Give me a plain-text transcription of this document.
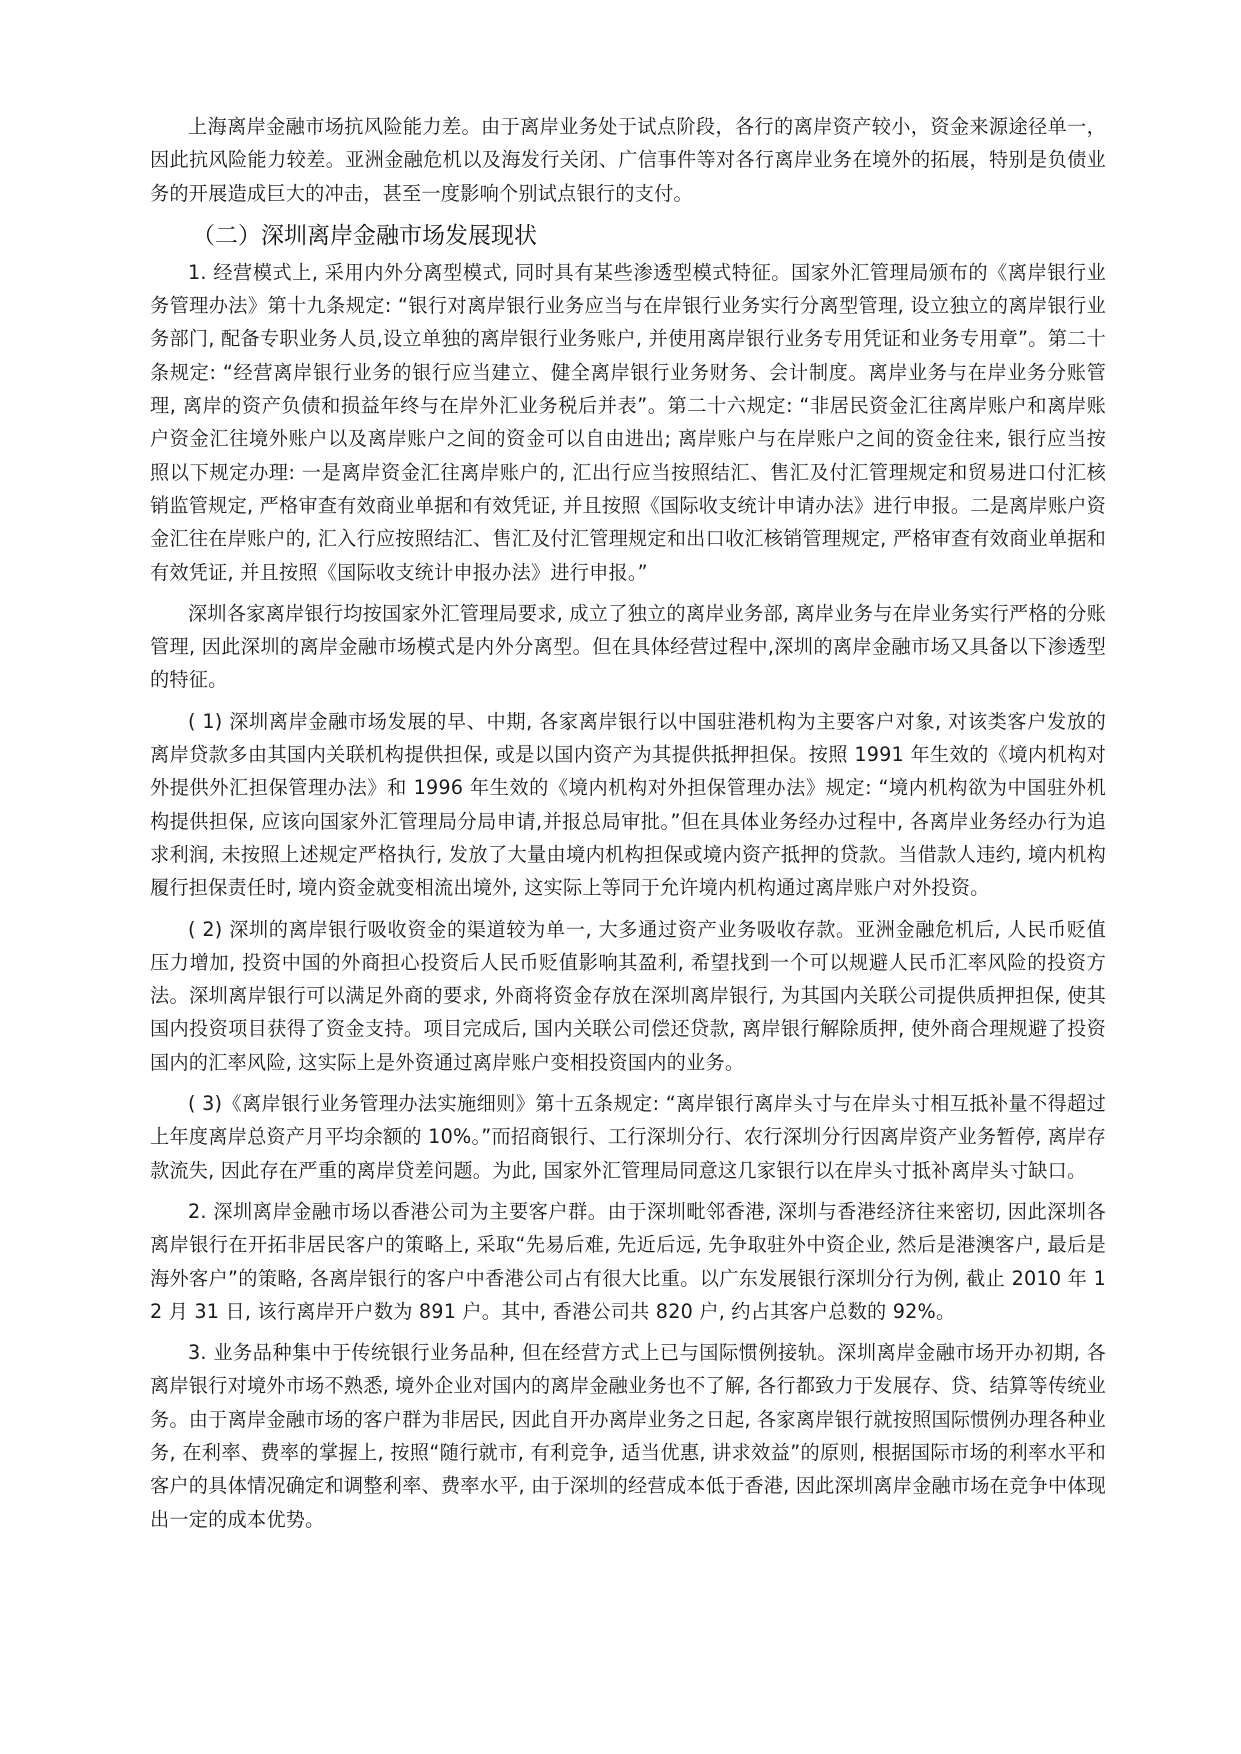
上海离岸金融市场抗风险能力差。由于离岸业务处于试点阶段，各行的离岸资产较小，资金来源途径单一，因此抗风险能力较差。亚洲金融危机以及海发行关闭、广信事件等对各行离岸业务在境外的拓展，特别是负债业务的开展造成巨大的冲击，甚至一度影响个别试点银行的支付。

（二）深圳离岸金融市场发展现状

1. 经营模式上, 采用内外分离型模式, 同时具有某些渗透型模式特征。国家外汇管理局颁布的《离岸银行业务管理办法》第十九条规定: “银行对离岸银行业务应当与在岸银行业务实行分离型管理, 设立独立的离岸银行业务部门, 配备专职业务人员,设立单独的离岸银行业务账户, 并使用离岸银行业务专用凭证和业务专用章”。第二十条规定: “经营离岸银行业务的银行应当建立、健全离岸银行业务财务、会计制度。离岸业务与在岸业务分账管理, 离岸的资产负债和损益年终与在岸外汇业务税后并表”。第二十六规定: “非居民资金汇往离岸账户和离岸账户资金汇往境外账户以及离岸账户之间的资金可以自由进出; 离岸账户与在岸账户之间的资金往来, 银行应当按照以下规定办理: 一是离岸资金汇往离岸账户的, 汇出行应当按照结汇、售汇及付汇管理规定和贸易进口付汇核销监管规定, 严格审查有效商业单据和有效凭证, 并且按照《国际收支统计申请办法》进行申报。二是离岸账户资金汇往在岸账户的, 汇入行应按照结汇、售汇及付汇管理规定和出口收汇核销管理规定, 严格审查有效商业单据和有效凭证, 并且按照《国际收支统计申报办法》进行申报。”

深圳各家离岸银行均按国家外汇管理局要求, 成立了独立的离岸业务部, 离岸业务与在岸业务实行严格的分账管理, 因此深圳的离岸金融市场模式是内外分离型。但在具体经营过程中,深圳的离岸金融市场又具备以下渗透型的特征。

( 1) 深圳离岸金融市场发展的早、中期, 各家离岸银行以中国驻港机构为主要客户对象, 对该类客户发放的离岸贷款多由其国内关联机构提供担保, 或是以国内资产为其提供抵押担保。按照 1991 年生效的《境内机构对外提供外汇担保管理办法》和 1996 年生效的《境内机构对外担保管理办法》规定: “境内机构欲为中国驻外机构提供担保, 应该向国家外汇管理局分局申请,并报总局审批。”但在具体业务经办过程中, 各离岸业务经办行为追求利润, 未按照上述规定严格执行, 发放了大量由境内机构担保或境内资产抵押的贷款。当借款人违约, 境内机构履行担保责任时, 境内资金就变相流出境外, 这实际上等同于允许境内机构通过离岸账户对外投资。

( 2) 深圳的离岸银行吸收资金的渠道较为单一, 大多通过资产业务吸收存款。亚洲金融危机后, 人民币贬值压力增加, 投资中国的外商担心投资后人民币贬值影响其盈利, 希望找到一个可以规避人民币汇率风险的投资方法。深圳离岸银行可以满足外商的要求, 外商将资金存放在深圳离岸银行, 为其国内关联公司提供质押担保, 使其国内投资项目获得了资金支持。项目完成后, 国内关联公司偿还贷款, 离岸银行解除质押, 使外商合理规避了投资国内的汇率风险, 这实际上是外资通过离岸账户变相投资国内的业务。

( 3)《离岸银行业务管理办法实施细则》第十五条规定: “离岸银行离岸头寸与在岸头寸相互抵补量不得超过上年度离岸总资产月平均余额的 10%。”而招商银行、工行深圳分行、农行深圳分行因离岸资产业务暂停, 离岸存款流失, 因此存在严重的离岸贷差问题。为此, 国家外汇管理局同意这几家银行以在岸头寸抵补离岸头寸缺口。

2. 深圳离岸金融市场以香港公司为主要客户群。由于深圳毗邻香港, 深圳与香港经济往来密切, 因此深圳各离岸银行在开拓非居民客户的策略上, 采取“先易后难, 先近后远, 先争取驻外中资企业, 然后是港澳客户, 最后是海外客户”的策略, 各离岸银行的客户中香港公司占有很大比重。以广东发展银行深圳分行为例, 截止 2010 年 12 月 31 日, 该行离岸开户数为 891 户。其中, 香港公司共 820 户, 约占其客户总数的 92%。

3. 业务品种集中于传统银行业务品种, 但在经营方式上已与国际惯例接轨。深圳离岸金融市场开办初期, 各离岸银行对境外市场不熟悉, 境外企业对国内的离岸金融业务也不了解, 各行都致力于发展存、贷、结算等传统业务。由于离岸金融市场的客户群为非居民, 因此自开办离岸业务之日起, 各家离岸银行就按照国际惯例办理各种业务, 在利率、费率的掌握上, 按照“随行就市, 有利竞争, 适当优惠, 讲求效益”的原则, 根据国际市场的利率水平和客户的具体情况确定和调整利率、费率水平, 由于深圳的经营成本低于香港, 因此深圳离岸金融市场在竞争中体现出一定的成本优势。
